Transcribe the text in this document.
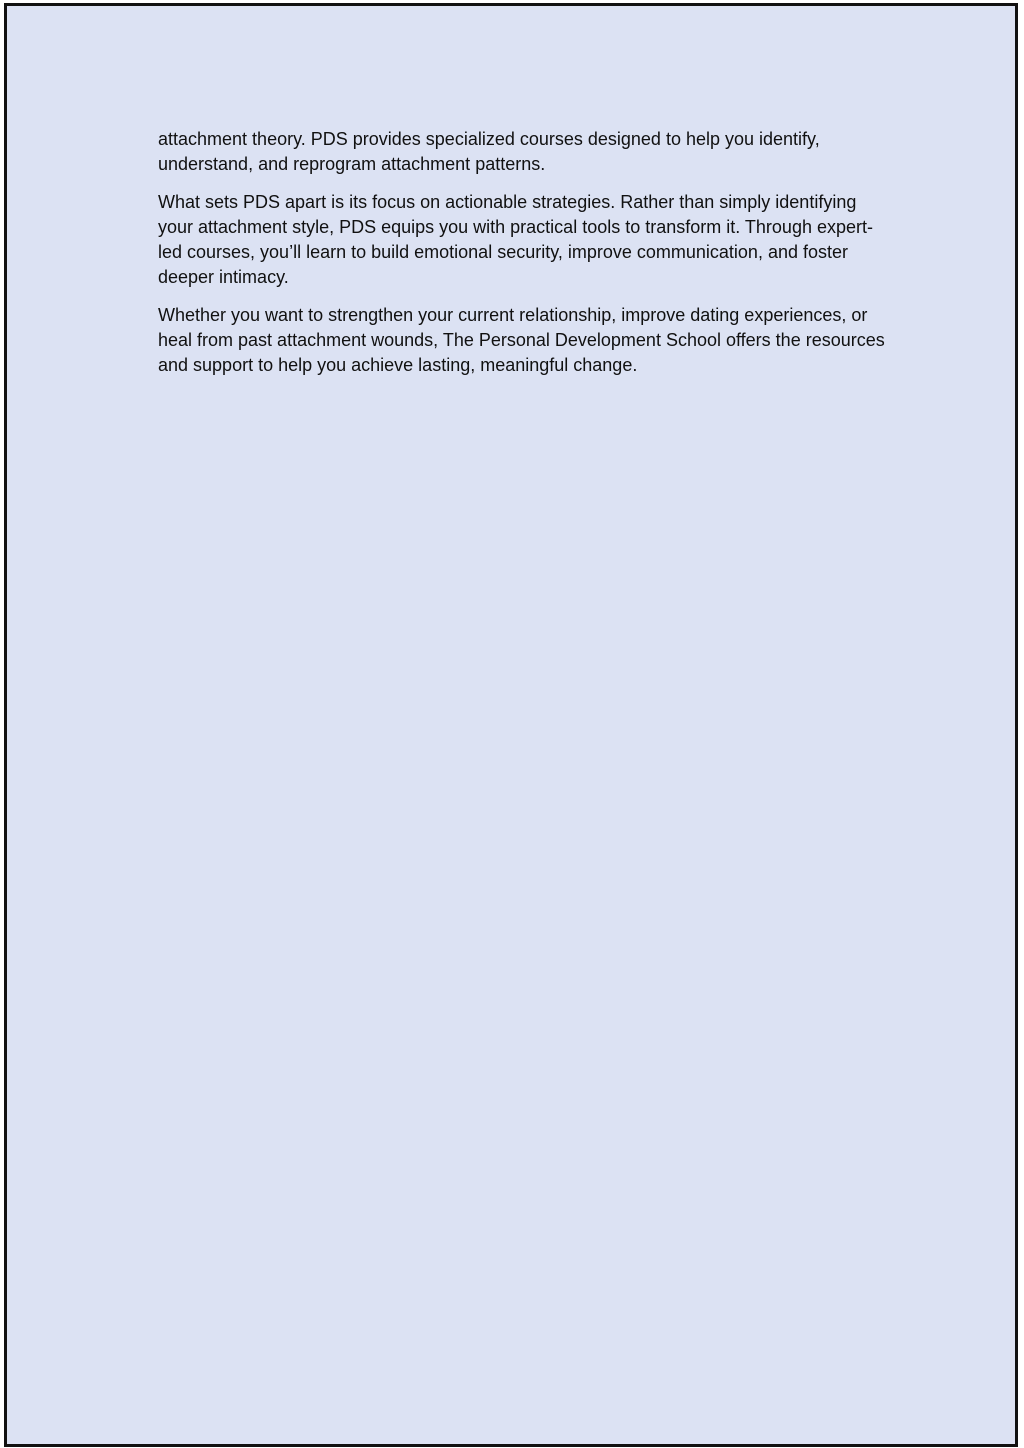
attachment theory. PDS provides specialized courses designed to help you identify, understand, and reprogram attachment patterns.

What sets PDS apart is its focus on actionable strategies. Rather than simply identifying your attachment style, PDS equips you with practical tools to transform it. Through expert-led courses, you’ll learn to build emotional security, improve communication, and foster deeper intimacy.

Whether you want to strengthen your current relationship, improve dating experiences, or heal from past attachment wounds, The Personal Development School offers the resources and support to help you achieve lasting, meaningful change.
